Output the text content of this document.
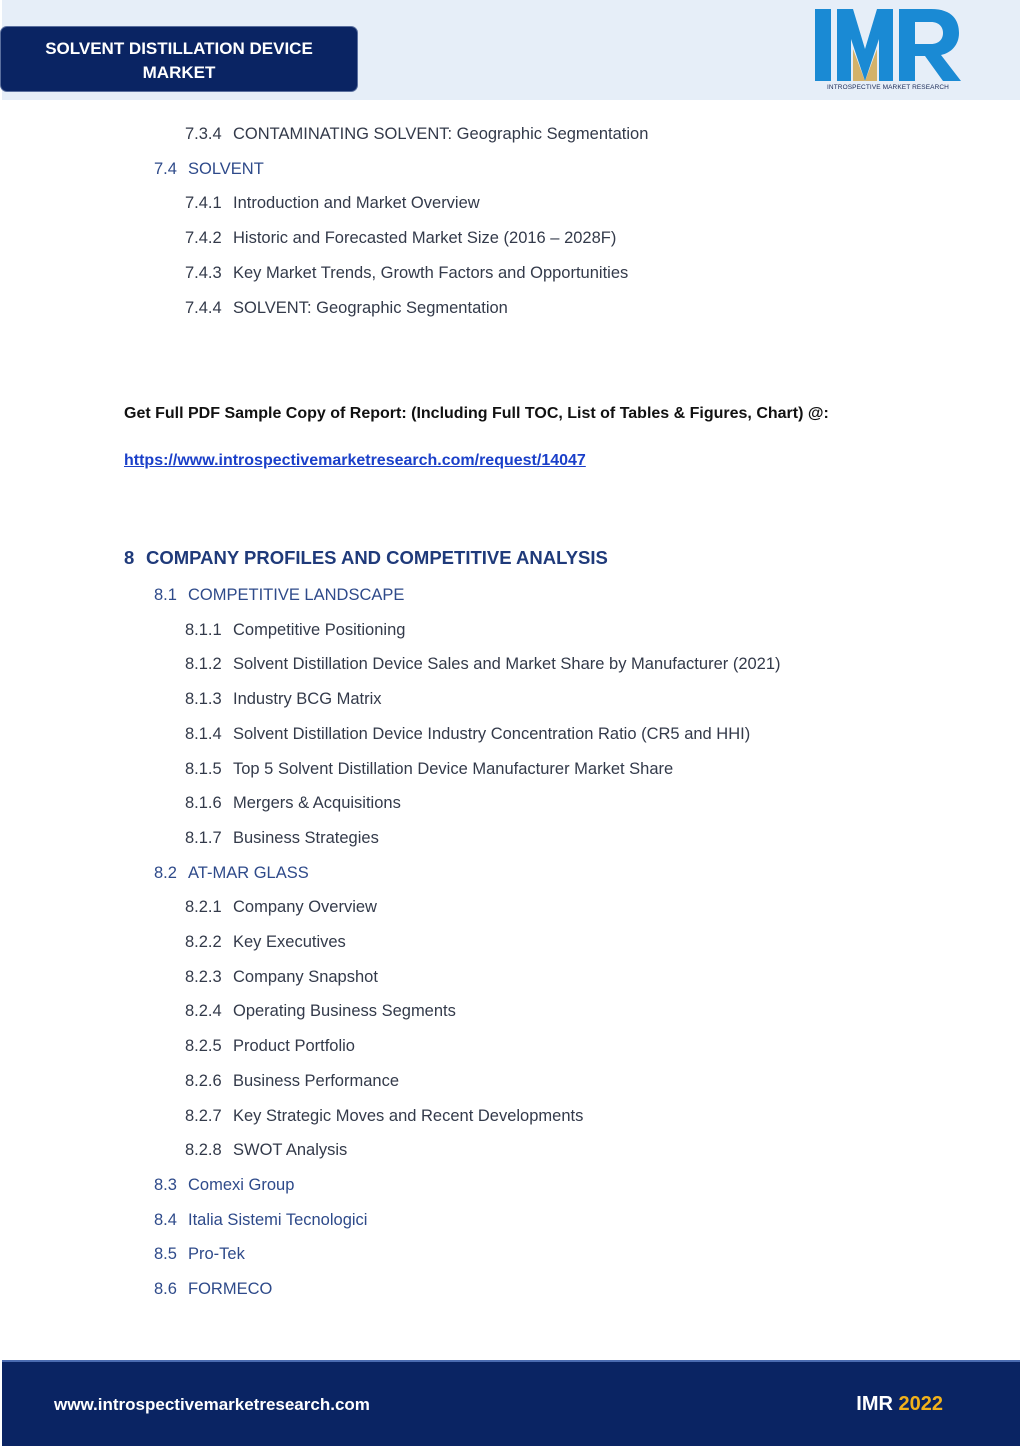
SOLVENT DISTILLATION DEVICE
MARKET
INTROSPECTIVE MARKET RESEARCH
7.3.4 CONTAMINATING SOLVENT: Geographic Segmentation
7.4 SOLVENT
7.4.1 Introduction and Market Overview
7.4.2 Historic and Forecasted Market Size (2016 – 2028F)
7.4.3 Key Market Trends, Growth Factors and Opportunities
7.4.4 SOLVENT: Geographic Segmentation
Get Full PDF Sample Copy of Report: (Including Full TOC, List of Tables & Figures, Chart) @:
https://www.introspectivemarketresearch.com/request/14047
8 COMPANY PROFILES AND COMPETITIVE ANALYSIS
8.1 COMPETITIVE LANDSCAPE
8.1.1 Competitive Positioning
8.1.2 Solvent Distillation Device Sales and Market Share by Manufacturer (2021)
8.1.3 Industry BCG Matrix
8.1.4 Solvent Distillation Device Industry Concentration Ratio (CR5 and HHI)
8.1.5 Top 5 Solvent Distillation Device Manufacturer Market Share
8.1.6 Mergers & Acquisitions
8.1.7 Business Strategies
8.2 AT-MAR GLASS
8.2.1 Company Overview
8.2.2 Key Executives
8.2.3 Company Snapshot
8.2.4 Operating Business Segments
8.2.5 Product Portfolio
8.2.6 Business Performance
8.2.7 Key Strategic Moves and Recent Developments
8.2.8 SWOT Analysis
8.3 Comexi Group
8.4 Italia Sistemi Tecnologici
8.5 Pro-Tek
8.6 FORMECO
www.introspectivemarketresearch.com	IMR 2022
